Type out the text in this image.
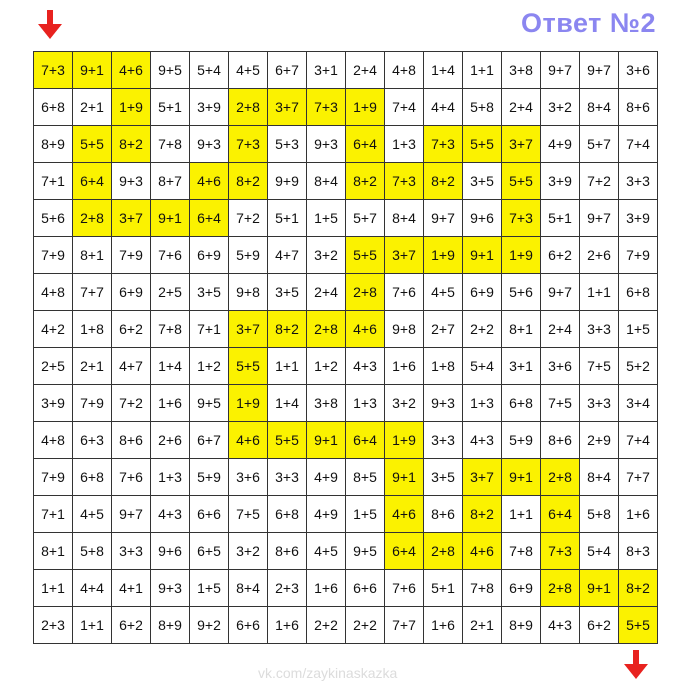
Ответ №2
7+3	9+1	4+6	9+5	5+4	4+5	6+7	3+1	2+4	4+8	1+4	1+1	3+8	9+7	9+7	3+6
6+8	2+1	1+9	5+1	3+9	2+8	3+7	7+3	1+9	7+4	4+4	5+8	2+4	3+2	8+4	8+6
8+9	5+5	8+2	7+8	9+3	7+3	5+3	9+3	6+4	1+3	7+3	5+5	3+7	4+9	5+7	7+4
7+1	6+4	9+3	8+7	4+6	8+2	9+9	8+4	8+2	7+3	8+2	3+5	5+5	3+9	7+2	3+3
5+6	2+8	3+7	9+1	6+4	7+2	5+1	1+5	5+7	8+4	9+7	9+6	7+3	5+1	9+7	3+9
7+9	8+1	7+9	7+6	6+9	5+9	4+7	3+2	5+5	3+7	1+9	9+1	1+9	6+2	2+6	7+9
4+8	7+7	6+9	2+5	3+5	9+8	3+5	2+4	2+8	7+6	4+5	6+9	5+6	9+7	1+1	6+8
4+2	1+8	6+2	7+8	7+1	3+7	8+2	2+8	4+6	9+8	2+7	2+2	8+1	2+4	3+3	1+5
2+5	2+1	4+7	1+4	1+2	5+5	1+1	1+2	4+3	1+6	1+8	5+4	3+1	3+6	7+5	5+2
3+9	7+9	7+2	1+6	9+5	1+9	1+4	3+8	1+3	3+2	9+3	1+3	6+8	7+5	3+3	3+4
4+8	6+3	8+6	2+6	6+7	4+6	5+5	9+1	6+4	1+9	3+3	4+3	5+9	8+6	2+9	7+4
7+9	6+8	7+6	1+3	5+9	3+6	3+3	4+9	8+5	9+1	3+5	3+7	9+1	2+8	8+4	7+7
7+1	4+5	9+7	4+3	6+6	7+5	6+8	4+9	1+5	4+6	8+6	8+2	1+1	6+4	5+8	1+6
8+1	5+8	3+3	9+6	6+5	3+2	8+6	4+5	9+5	6+4	2+8	4+6	7+8	7+3	5+4	8+3
1+1	4+4	4+1	9+3	1+5	8+4	2+3	1+6	6+6	7+6	5+1	7+8	6+9	2+8	9+1	8+2
2+3	1+1	6+2	8+9	9+2	6+6	1+6	2+2	2+2	7+7	1+6	2+1	8+9	4+3	6+2	5+5
vk.com/zaykinaskazka
